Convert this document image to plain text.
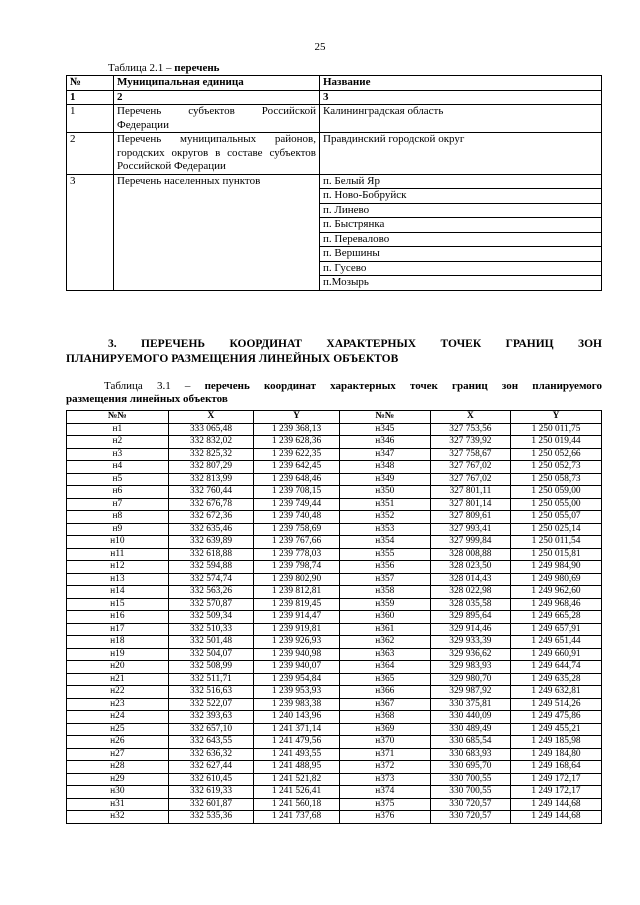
25
Таблица 2.1 – перечень
№	Муниципальная единица	Название
1	2	3
1	Перечень субъектов Российской Федерации	Калининградская область
2	Перечень муниципальных районов, городских округов в составе субъектов Российской Федерации	Правдинский городской округ
3	Перечень населенных пунктов	п. Белый Яр
		п. Ново-Бобруйск
		п. Линево
		п. Быстрянка
		п. Перевалово
		п. Вершины
		п. Гусево
		п.Мозырь
3. ПЕРЕЧЕНЬ КООРДИНАТ ХАРАКТЕРНЫХ ТОЧЕК ГРАНИЦ ЗОН
ПЛАНИРУЕМОГО РАЗМЕЩЕНИЯ ЛИНЕЙНЫХ ОБЪЕКТОВ
Таблица 3.1 – перечень координат характерных точек границ зон планируемого
размещения линейных объектов
№№	X	Y	№№	X	Y
н1	333 065,48	1 239 368,13	н345	327 753,56	1 250 011,75
н2	332 832,02	1 239 628,36	н346	327 739,92	1 250 019,44
н3	332 825,32	1 239 622,35	н347	327 758,67	1 250 052,66
н4	332 807,29	1 239 642,45	н348	327 767,02	1 250 052,73
н5	332 813,99	1 239 648,46	н349	327 767,02	1 250 058,73
н6	332 760,44	1 239 708,15	н350	327 801,11	1 250 059,00
н7	332 676,78	1 239 749,44	н351	327 801,14	1 250 055,00
н8	332 672,36	1 239 740,48	н352	327 809,61	1 250 055,07
н9	332 635,46	1 239 758,69	н353	327 993,41	1 250 025,14
н10	332 639,89	1 239 767,66	н354	327 999,84	1 250 011,54
н11	332 618,88	1 239 778,03	н355	328 008,88	1 250 015,81
н12	332 594,88	1 239 798,74	н356	328 023,50	1 249 984,90
н13	332 574,74	1 239 802,90	н357	328 014,43	1 249 980,69
н14	332 563,26	1 239 812,81	н358	328 022,98	1 249 962,60
н15	332 570,87	1 239 819,45	н359	328 035,58	1 249 968,46
н16	332 509,34	1 239 914,47	н360	329 895,64	1 249 665,28
н17	332 510,33	1 239 919,81	н361	329 914,46	1 249 657,91
н18	332 501,48	1 239 926,93	н362	329 933,39	1 249 651,44
н19	332 504,07	1 239 940,98	н363	329 936,62	1 249 660,91
н20	332 508,99	1 239 940,07	н364	329 983,93	1 249 644,74
н21	332 511,71	1 239 954,84	н365	329 980,70	1 249 635,28
н22	332 516,63	1 239 953,93	н366	329 987,92	1 249 632,81
н23	332 522,07	1 239 983,38	н367	330 375,81	1 249 514,26
н24	332 393,63	1 240 143,96	н368	330 440,09	1 249 475,86
н25	332 657,10	1 241 371,14	н369	330 489,49	1 249 455,21
н26	332 643,55	1 241 479,56	н370	330 685,54	1 249 185,98
н27	332 636,32	1 241 493,55	н371	330 683,93	1 249 184,80
н28	332 627,44	1 241 488,95	н372	330 695,70	1 249 168,64
н29	332 610,45	1 241 521,82	н373	330 700,55	1 249 172,17
н30	332 619,33	1 241 526,41	н374	330 700,55	1 249 172,17
н31	332 601,87	1 241 560,18	н375	330 720,57	1 249 144,68
н32	332 535,36	1 241 737,68	н376	330 720,57	1 249 144,68
